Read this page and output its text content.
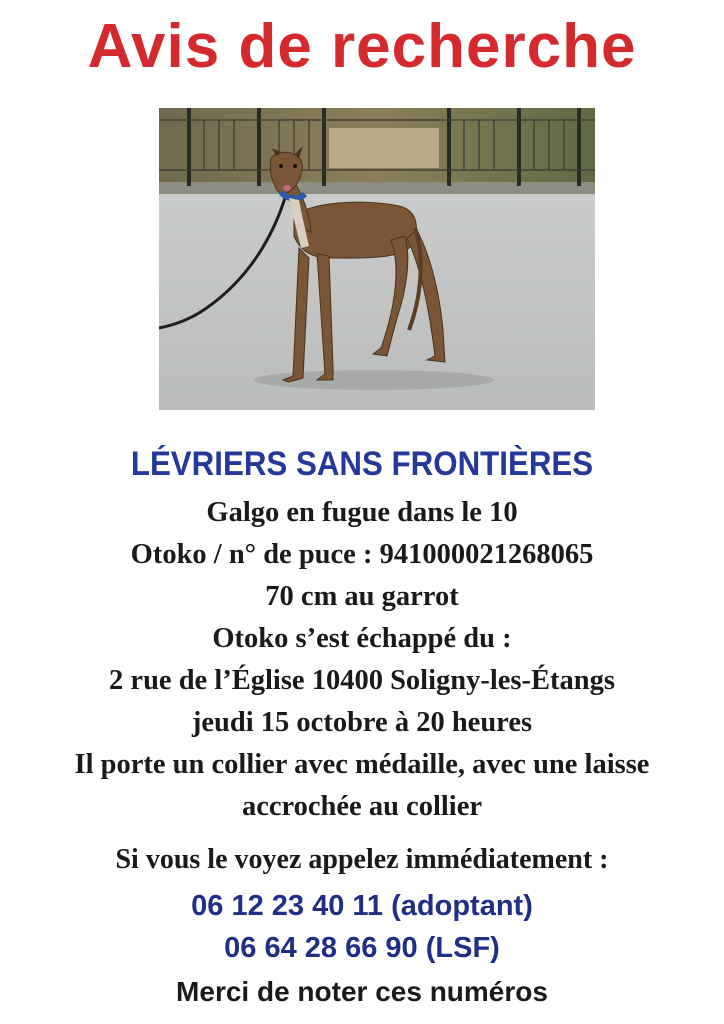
Avis de recherche
LÉVRIERS SANS FRONTIÈRES

Galgo en fugue dans le 10

Otoko / n° de puce : 941000021268065

70 cm au garrot

Otoko s’est échappé du :

2 rue de l’Église 10400 Soligny-les-Étangs

jeudi 15 octobre à 20 heures

Il porte un collier avec médaille, avec une laisse

accrochée au collier

Si vous le voyez appelez immédiatement :
06 12 23 40 11 (adoptant)
06 64 28 66 90 (LSF)
Merci de noter ces numéros
